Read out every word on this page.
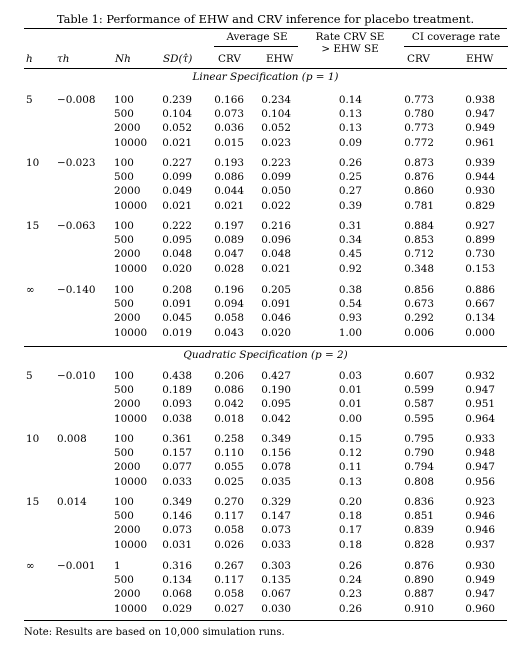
Table 1: Performance of EHW and CRV inference for placebo treatment.
Average SE	Rate CRV SE
> EHW SE
CI coverage rate
h τh	Nh	SD(τ̂) CRV EHW	CRV	EHW
Linear Specification (p = 1)
5 −0.008 100	0.239 0.166 0.234	0.14	0.773	0.938
500	0.104 0.073 0.104	0.13	0.780	0.947
2000	0.052 0.036 0.052	0.13	0.773	0.949
10000	0.021 0.015 0.023	0.09	0.772	0.961
10 −0.023 100	0.227 0.193 0.223	0.26	0.873	0.939
500	0.099 0.086 0.099	0.25	0.876	0.944
2000	0.049 0.044 0.050	0.27	0.860	0.930
10000	0.021 0.021 0.022	0.39	0.781	0.829
15 −0.063 100	0.222 0.197 0.216	0.31	0.884	0.927
500	0.095 0.089 0.096	0.34	0.853	0.899
2000	0.048 0.047 0.048	0.45	0.712	0.730
10000	0.020 0.028 0.021	0.92	0.348	0.153
∞ −0.140 100	0.208 0.196 0.205	0.38	0.856	0.886
500	0.091 0.094 0.091	0.54	0.673	0.667
2000	0.045 0.058 0.046	0.93	0.292	0.134
10000	0.019 0.043 0.020	1.00	0.006	0.000
Quadratic Specification (p = 2)
5 −0.010 100	0.438 0.206 0.427	0.03	0.607	0.932
500	0.189 0.086 0.190	0.01	0.599	0.947
2000	0.093 0.042 0.095	0.01	0.587	0.951
10000	0.038 0.018 0.042	0.00	0.595	0.964
10 0.008	100	0.361 0.258 0.349	0.15	0.795	0.933
500	0.157 0.110 0.156	0.12	0.790	0.948
2000	0.077 0.055 0.078	0.11	0.794	0.947
10000	0.033 0.025 0.035	0.13	0.808	0.956
15 0.014	100	0.349 0.270 0.329	0.20	0.836	0.923
500	0.146 0.117 0.147	0.18	0.851	0.946
2000	0.073 0.058 0.073	0.17	0.839	0.946
10000	0.031 0.026 0.033	0.18	0.828	0.937
∞ −0.001 1	0.316 0.267 0.303	0.26	0.876	0.930
500	0.134 0.117 0.135	0.24	0.890	0.949
2000	0.068 0.058 0.067	0.23	0.887	0.947
10000	0.029 0.027 0.030	0.26	0.910	0.960
Note: Results are based on 10,000 simulation runs.
